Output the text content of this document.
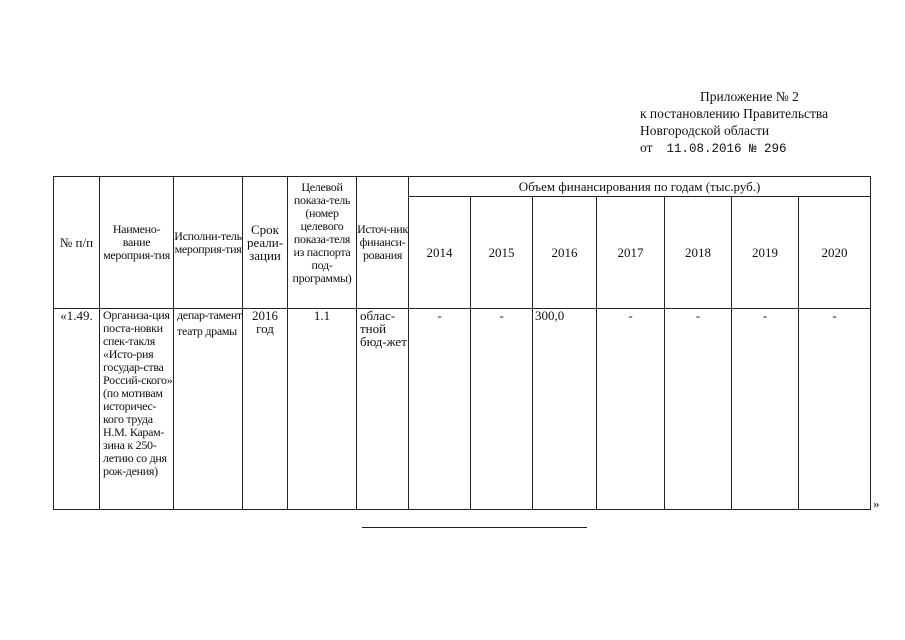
Приложение № 2
к постановлению Правительства
Новгородской области
от 11.08.2016 № 296
№ п/п	Наимено-вание мероприя-тия	Исполни-тель мероприя-тия	Срок реали-зации	Целевой показа-тель (номер целевого показа-теля из паспорта под-программы)	Источ-ник финанси-рования	Объем финансирования по годам (тыс.руб.)						
						2014	2015	2016	2017	2018	2019	2020
«1.49.	Организа-ция поста-новки спек-такля «Исто-рия государ-ства Россий-ского» (по мотивам историчес-кого труда Н.М. Карам-зина к 250-летию со дня рож-дения)	депар-тамент
театр драмы	2016 год	1.1	облас-тной бюд-жет	-	-	300,0	-	-	-	-
»
